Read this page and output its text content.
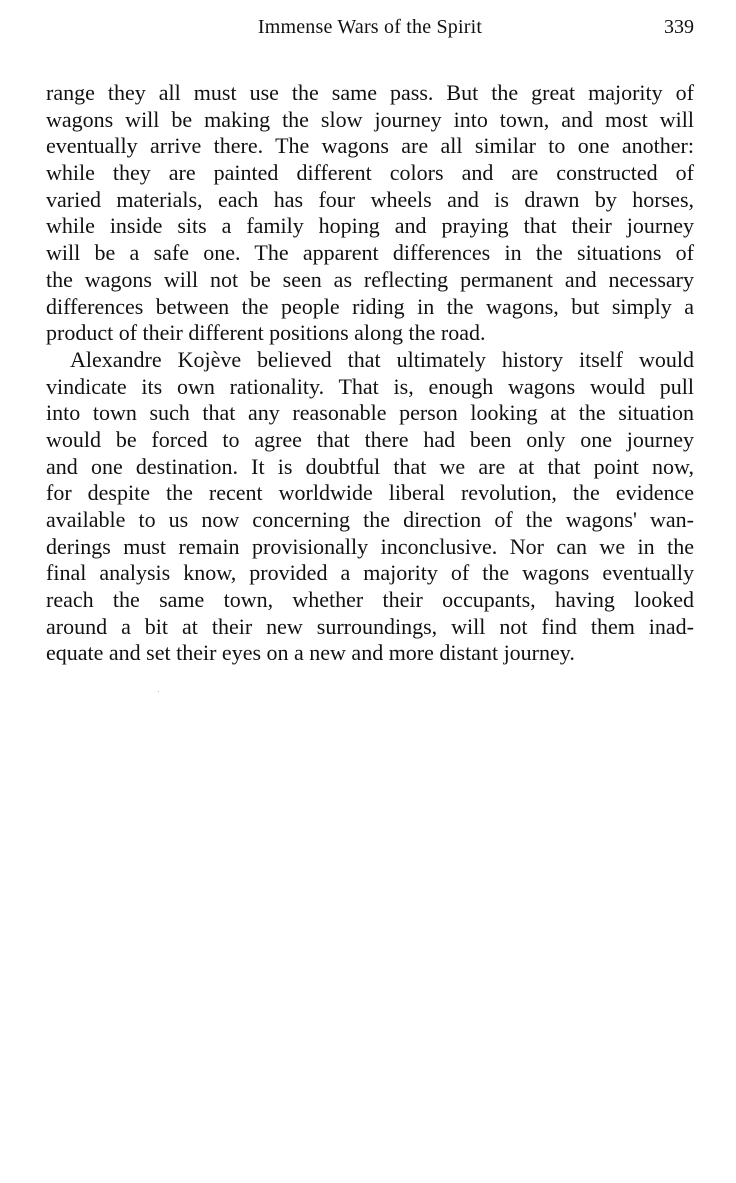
Immense Wars of the Spirit	339
range they all must use the same pass. But the great majority of
wagons will be making the slow journey into town, and most will
eventually arrive there. The wagons are all similar to one another:
while they are painted different colors and are constructed of
varied materials, each has four wheels and is drawn by horses,
while inside sits a family hoping and praying that their journey
will be a safe one. The apparent differences in the situations of
the wagons will not be seen as reflecting permanent and necessary
differences between the people riding in the wagons, but simply a
product of their different positions along the road.
Alexandre Kojève believed that ultimately history itself would
vindicate its own rationality. That is, enough wagons would pull
into town such that any reasonable person looking at the situation
would be forced to agree that there had been only one journey
and one destination. It is doubtful that we are at that point now,
for despite the recent worldwide liberal revolution, the evidence
available to us now concerning the direction of the wagons' wan-
derings must remain provisionally inconclusive. Nor can we in the
final analysis know, provided a majority of the wagons eventually
reach the same town, whether their occupants, having looked
around a bit at their new surroundings, will not find them inad-
equate and set their eyes on a new and more distant journey.
